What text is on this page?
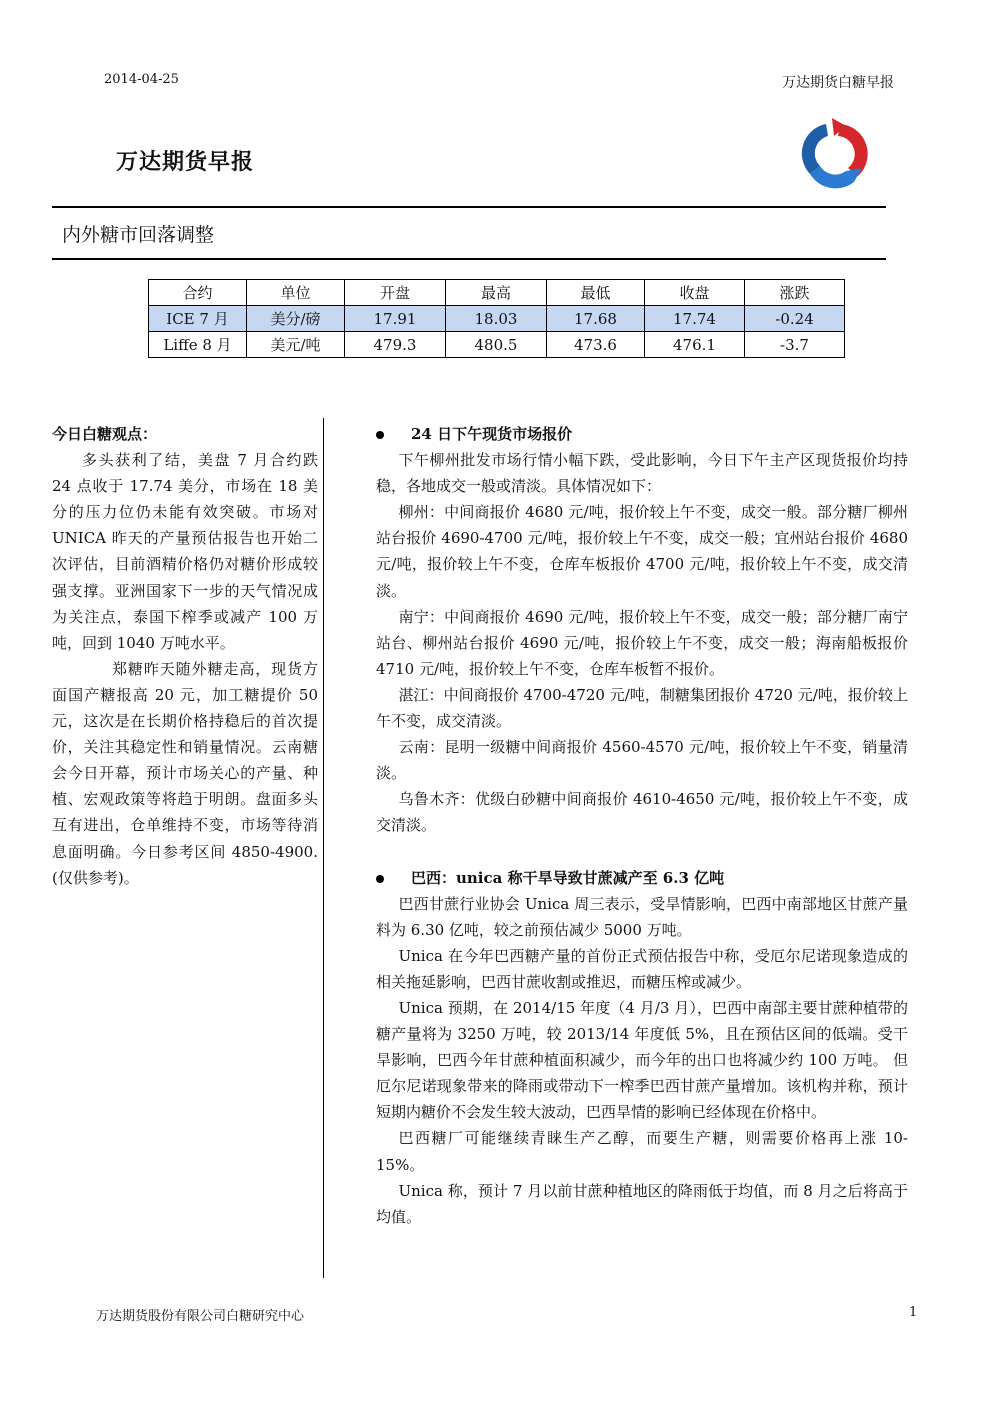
2014-04-25	万达期货白糖早报
万达期货早报
内外糖市回落调整
合约	单位	开盘	最高	最低	收盘	涨跌
ICE 7 月	美分/磅	17.91	18.03	17.68	17.74	-0.24
Liffe 8 月	美元/吨	479.3	480.5	473.6	476.1	-3.7
今日白糖观点：

多头获利了结，美盘 7 月合约跌 24 点收于 17.74 美分，市场在 18 美分的压力位仍未能有效突破。市场对 UNICA 昨天的产量预估报告也开始二次评估，目前酒精价格仍对糖价形成较强支撑。亚洲国家下一步的天气情况成为关注点，泰国下榨季或减产 100 万吨，回到 1040 万吨水平。

郑糖昨天随外糖走高，现货方面国产糖报高 20 元，加工糖提价 50 元，这次是在长期价格持稳后的首次提价，关注其稳定性和销量情况。云南糖会今日开幕，预计市场关心的产量、种植、宏观政策等将趋于明朗。盘面多头互有进出，仓单维持不变，市场等待消息面明确。今日参考区间 4850-4900.(仅供参考)。

24 日下午现货市场报价

下午柳州批发市场行情小幅下跌，受此影响，今日下午主产区现货报价均持稳，各地成交一般或清淡。具体情况如下：

柳州：中间商报价 4680 元/吨，报价较上午不变，成交一般。部分糖厂柳州站台报价 4690-4700 元/吨，报价较上午不变，成交一般；宜州站台报价 4680 元/吨，报价较上午不变，仓库车板报价 4700 元/吨，报价较上午不变，成交清淡。

南宁：中间商报价 4690 元/吨，报价较上午不变，成交一般；部分糖厂南宁站台、柳州站台报价 4690 元/吨，报价较上午不变，成交一般；海南船板报价 4710 元/吨，报价较上午不变，仓库车板暂不报价。

湛江：中间商报价 4700-4720 元/吨，制糖集团报价 4720 元/吨，报价较上午不变，成交清淡。

云南：昆明一级糖中间商报价 4560-4570 元/吨，报价较上午不变，销量清淡。

乌鲁木齐：优级白砂糖中间商报价 4610-4650 元/吨，报价较上午不变，成交清淡。

巴西：unica 称干旱导致甘蔗减产至 6.3 亿吨

巴西甘蔗行业协会 Unica 周三表示，受旱情影响，巴西中南部地区甘蔗产量料为 6.30 亿吨，较之前预估减少 5000 万吨。

Unica 在今年巴西糖产量的首份正式预估报告中称，受厄尔尼诺现象造成的相关拖延影响，巴西甘蔗收割或推迟，而糖压榨或减少。

Unica 预期，在 2014/15 年度（4 月/3 月），巴西中南部主要甘蔗种植带的糖产量将为 3250 万吨，较 2013/14 年度低 5%，且在预估区间的低端。受干旱影响，巴西今年甘蔗种植面积减少，而今年的出口也将减少约 100 万吨。 但厄尔尼诺现象带来的降雨或带动下一榨季巴西甘蔗产量增加。该机构并称，预计短期内糖价不会发生较大波动，巴西旱情的影响已经体现在价格中。

巴西糖厂可能继续青睐生产乙醇，而要生产糖，则需要价格再上涨 10-15%。

Unica 称，预计 7 月以前甘蔗种植地区的降雨低于均值，而 8 月之后将高于均值。

万达期货股份有限公司白糖研究中心	1
